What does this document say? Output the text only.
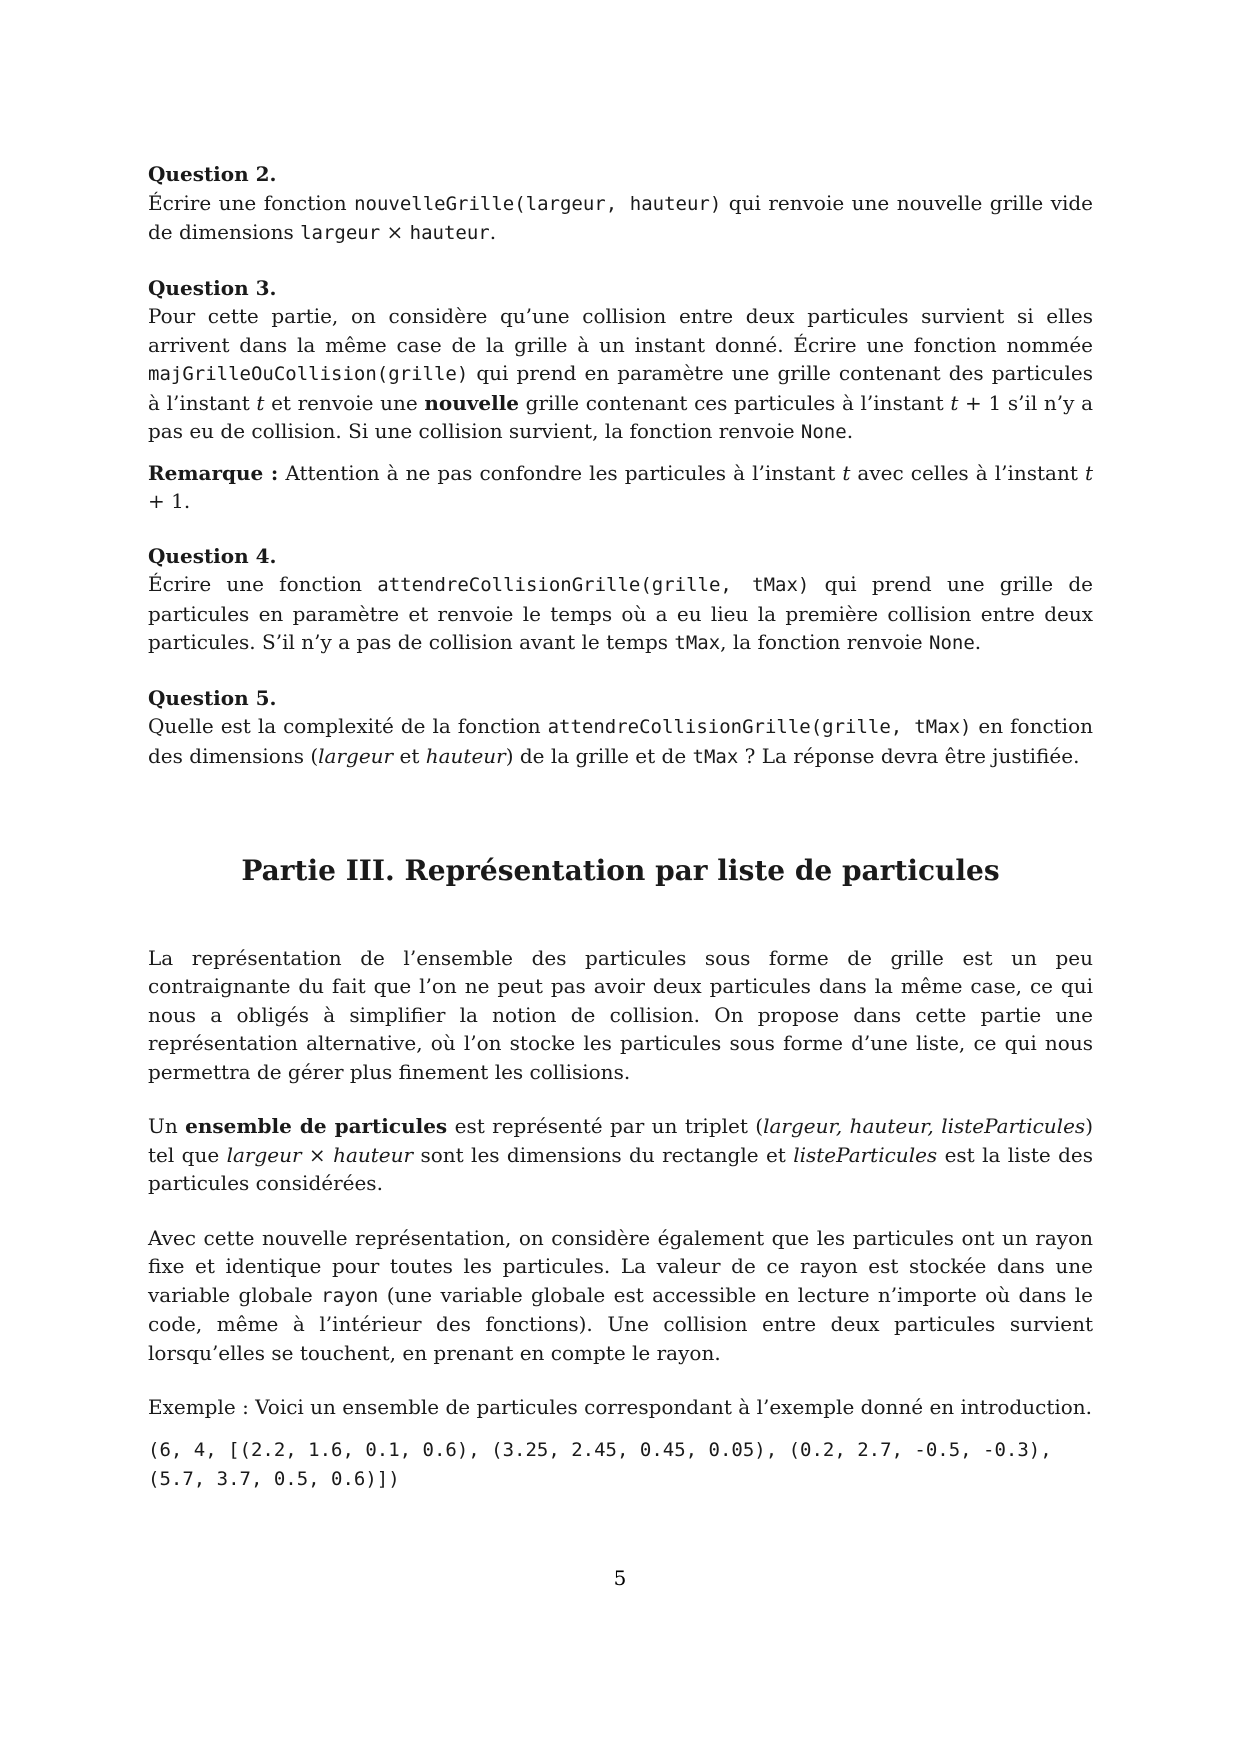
Question 2.

Écrire une fonction nouvelleGrille(largeur, hauteur) qui renvoie une nouvelle grille vide de dimensions largeur × hauteur.

Question 3.

Pour cette partie, on considère qu’une collision entre deux particules survient si elles arrivent dans la même case de la grille à un instant donné. Écrire une fonction nommée majGrilleOuCollision(grille) qui prend en paramètre une grille contenant des particules à l’instant t et renvoie une nouvelle grille contenant ces particules à l’instant t + 1 s’il n’y a pas eu de collision. Si une collision survient, la fonction renvoie None.

Remarque : Attention à ne pas confondre les particules à l’instant t avec celles à l’instant t + 1.

Question 4.

Écrire une fonction attendreCollisionGrille(grille, tMax) qui prend une grille de particules en paramètre et renvoie le temps où a eu lieu la première collision entre deux particules. S’il n’y a pas de collision avant le temps tMax, la fonction renvoie None.

Question 5.

Quelle est la complexité de la fonction attendreCollisionGrille(grille, tMax) en fonction des dimensions (largeur et hauteur) de la grille et de tMax ? La réponse devra être justifiée.

Partie III. Représentation par liste de particules

La représentation de l’ensemble des particules sous forme de grille est un peu contraignante du fait que l’on ne peut pas avoir deux particules dans la même case, ce qui nous a obligés à simplifier la notion de collision. On propose dans cette partie une représentation alternative, où l’on stocke les particules sous forme d’une liste, ce qui nous permettra de gérer plus finement les collisions.

Un ensemble de particules est représenté par un triplet (largeur, hauteur, listeParticules) tel que largeur × hauteur sont les dimensions du rectangle et listeParticules est la liste des particules considérées.

Avec cette nouvelle représentation, on considère également que les particules ont un rayon fixe et identique pour toutes les particules. La valeur de ce rayon est stockée dans une variable globale rayon (une variable globale est accessible en lecture n’importe où dans le code, même à l’intérieur des fonctions). Une collision entre deux particules survient lorsqu’elles se touchent, en prenant en compte le rayon.

Exemple : Voici un ensemble de particules correspondant à l’exemple donné en introduction.

(6, 4, [(2.2, 1.6, 0.1, 0.6), (3.25, 2.45, 0.45, 0.05), (0.2, 2.7, -0.5, -0.3),
(5.7, 3.7, 0.5, 0.6)])
5
